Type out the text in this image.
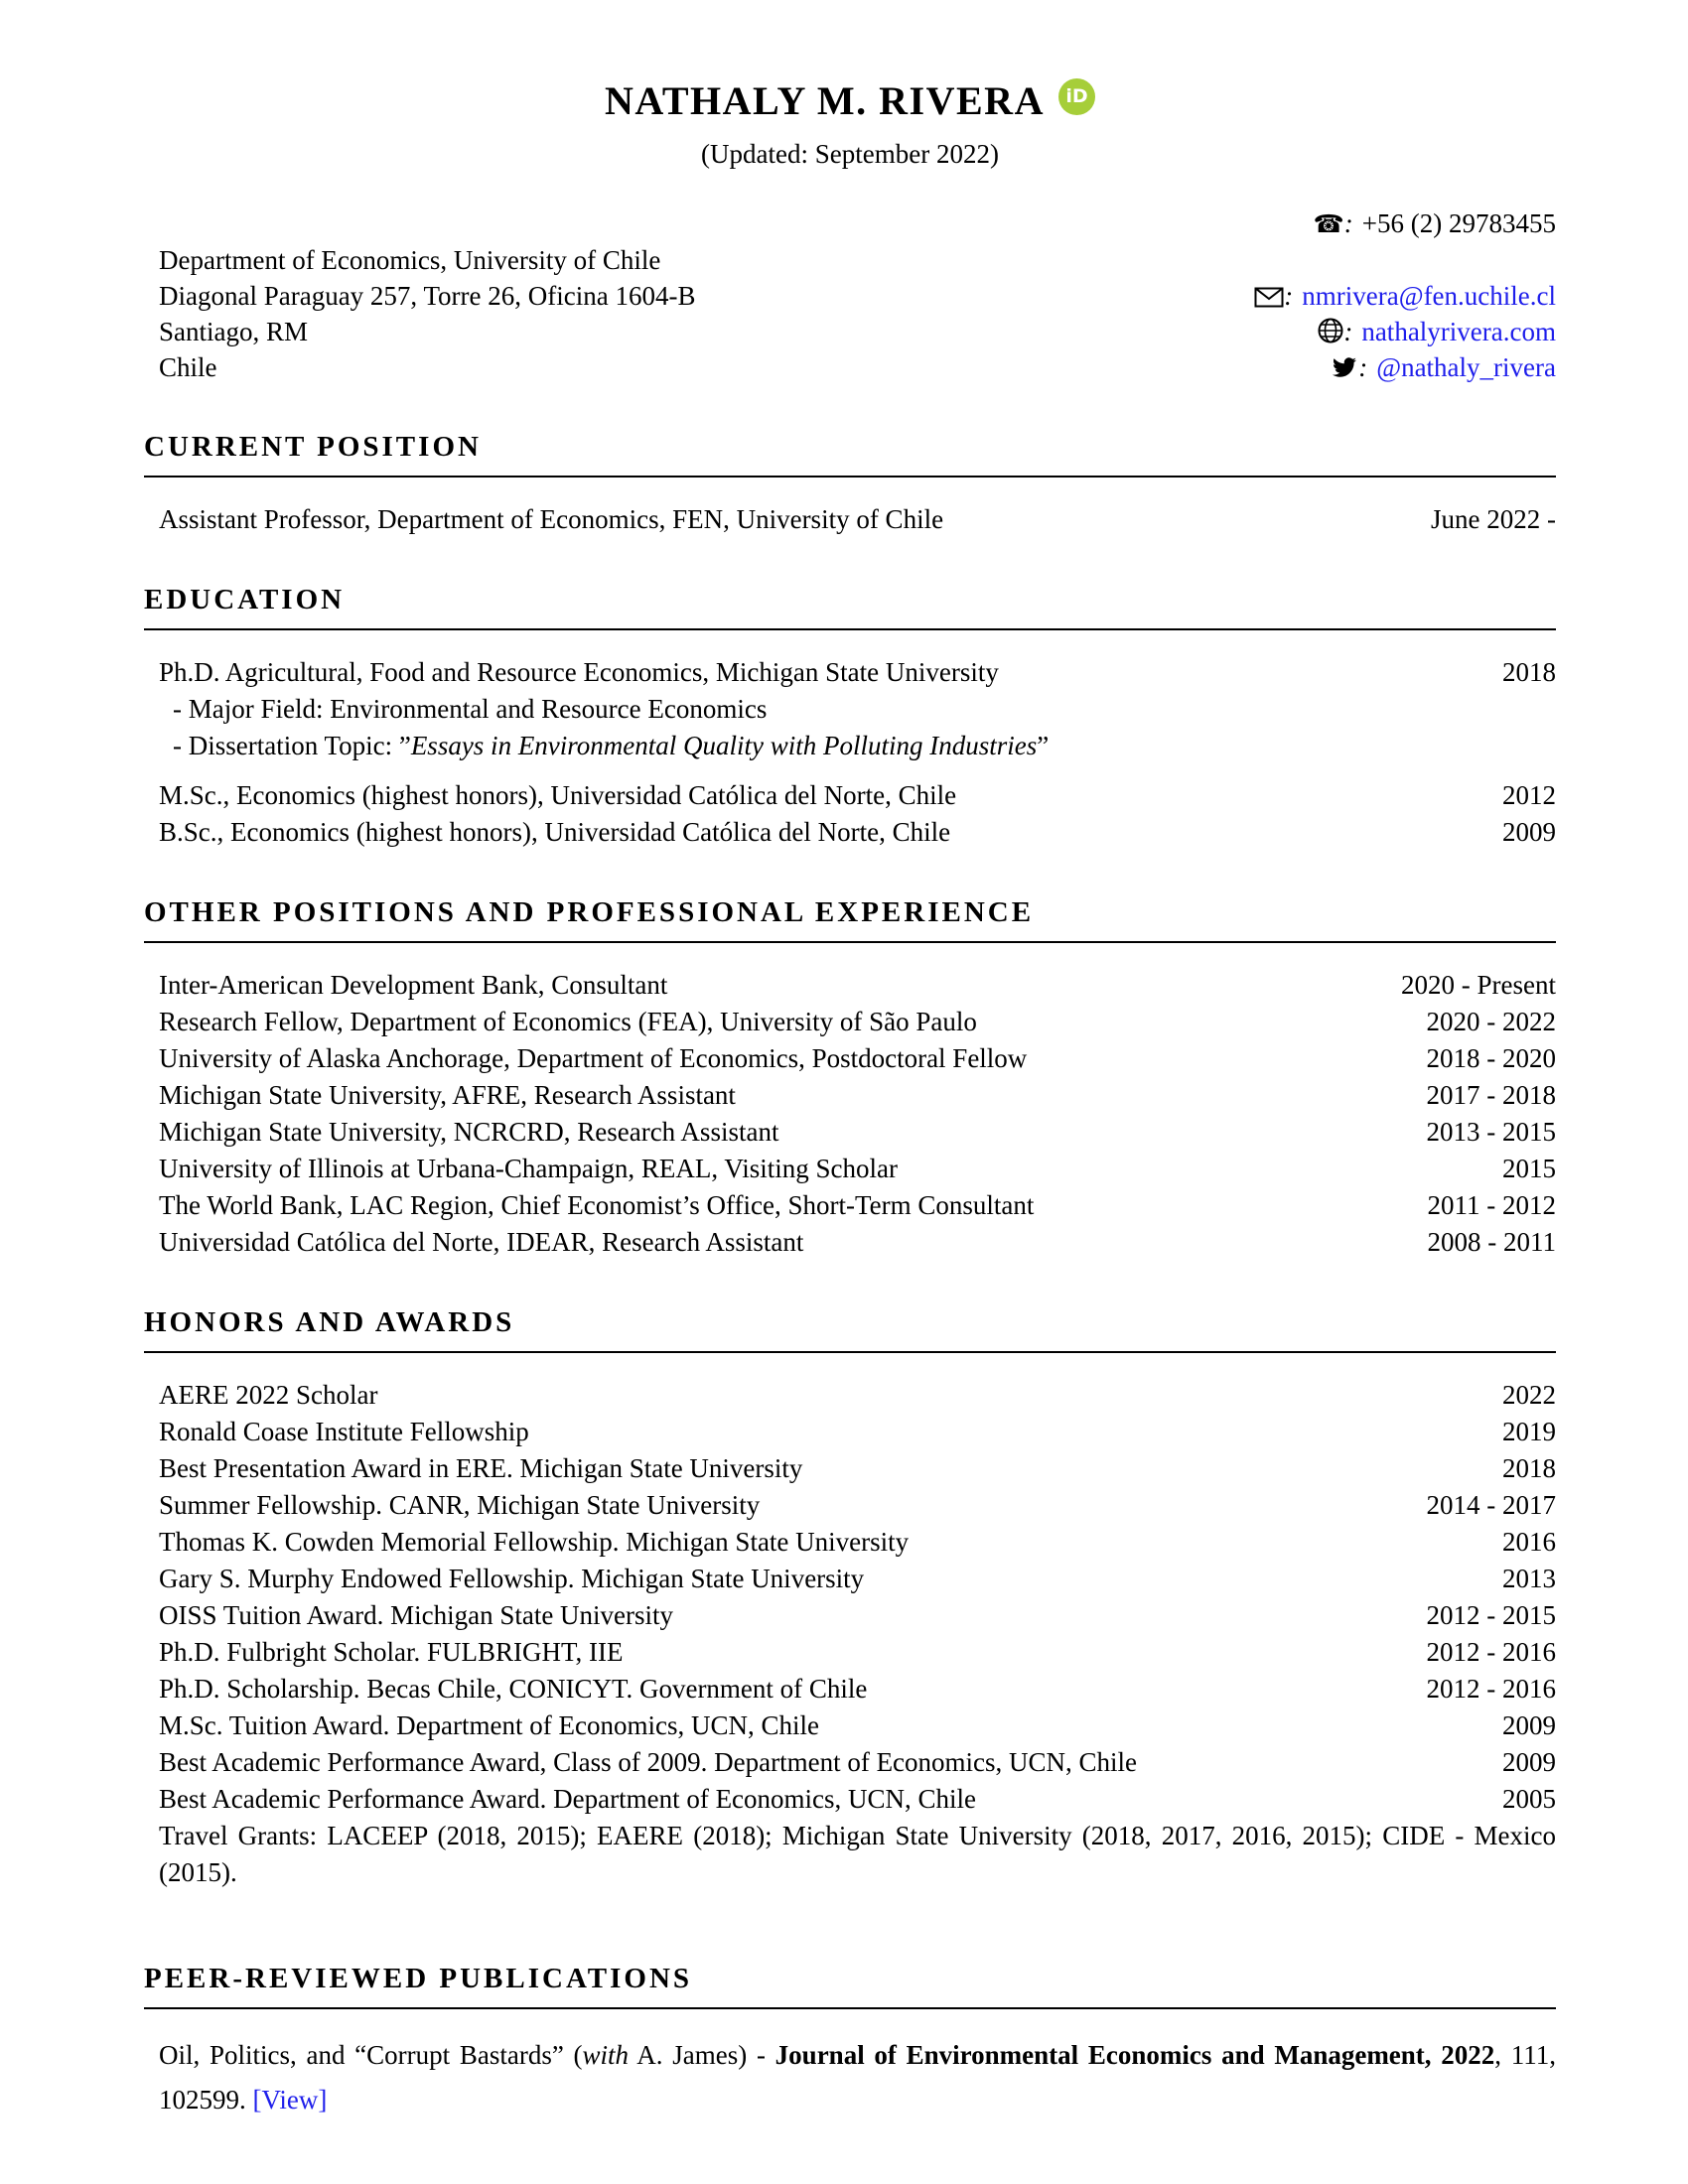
NATHALY M. RIVERA iD
(Updated: September 2022)
☎: +56 (2) 29783455
Department of Economics, University of Chile
Diagonal Paraguay 257, Torre 26, Oficina 1604-B	: nmrivera@fen.uchile.cl
Santiago, RM	: nathalyrivera.com
Chile	: @nathaly_rivera
CURRENT POSITION
Assistant Professor, Department of Economics, FEN, University of Chile	June 2022 -
EDUCATION
Ph.D. Agricultural, Food and Resource Economics, Michigan State University	2018
- Major Field: Environmental and Resource Economics
- Dissertation Topic: ”Essays in Environmental Quality with Polluting Industries”
M.Sc., Economics (highest honors), Universidad Católica del Norte, Chile	2012
B.Sc., Economics (highest honors), Universidad Católica del Norte, Chile	2009
OTHER POSITIONS AND PROFESSIONAL EXPERIENCE
Inter-American Development Bank, Consultant	2020 - Present
Research Fellow, Department of Economics (FEA), University of São Paulo	2020 - 2022
University of Alaska Anchorage, Department of Economics, Postdoctoral Fellow	2018 - 2020
Michigan State University, AFRE, Research Assistant	2017 - 2018
Michigan State University, NCRCRD, Research Assistant	2013 - 2015
University of Illinois at Urbana-Champaign, REAL, Visiting Scholar	2015
The World Bank, LAC Region, Chief Economist’s Office, Short-Term Consultant	2011 - 2012
Universidad Católica del Norte, IDEAR, Research Assistant	2008 - 2011
HONORS AND AWARDS
AERE 2022 Scholar	2022
Ronald Coase Institute Fellowship	2019
Best Presentation Award in ERE. Michigan State University	2018
Summer Fellowship. CANR, Michigan State University	2014 - 2017
Thomas K. Cowden Memorial Fellowship. Michigan State University	2016
Gary S. Murphy Endowed Fellowship. Michigan State University	2013
OISS Tuition Award. Michigan State University	2012 - 2015
Ph.D. Fulbright Scholar. FULBRIGHT, IIE	2012 - 2016
Ph.D. Scholarship. Becas Chile, CONICYT. Government of Chile	2012 - 2016
M.Sc. Tuition Award. Department of Economics, UCN, Chile	2009
Best Academic Performance Award, Class of 2009. Department of Economics, UCN, Chile	2009
Best Academic Performance Award. Department of Economics, UCN, Chile	2005
Travel Grants: LACEEP (2018, 2015); EAERE (2018); Michigan State University (2018, 2017, 2016, 2015); CIDE - Mexico (2015).
PEER-REVIEWED PUBLICATIONS

Oil, Politics, and “Corrupt Bastards” (with A. James) - Journal of Environmental Economics and Management, 2022, 111, 102599. [View]
